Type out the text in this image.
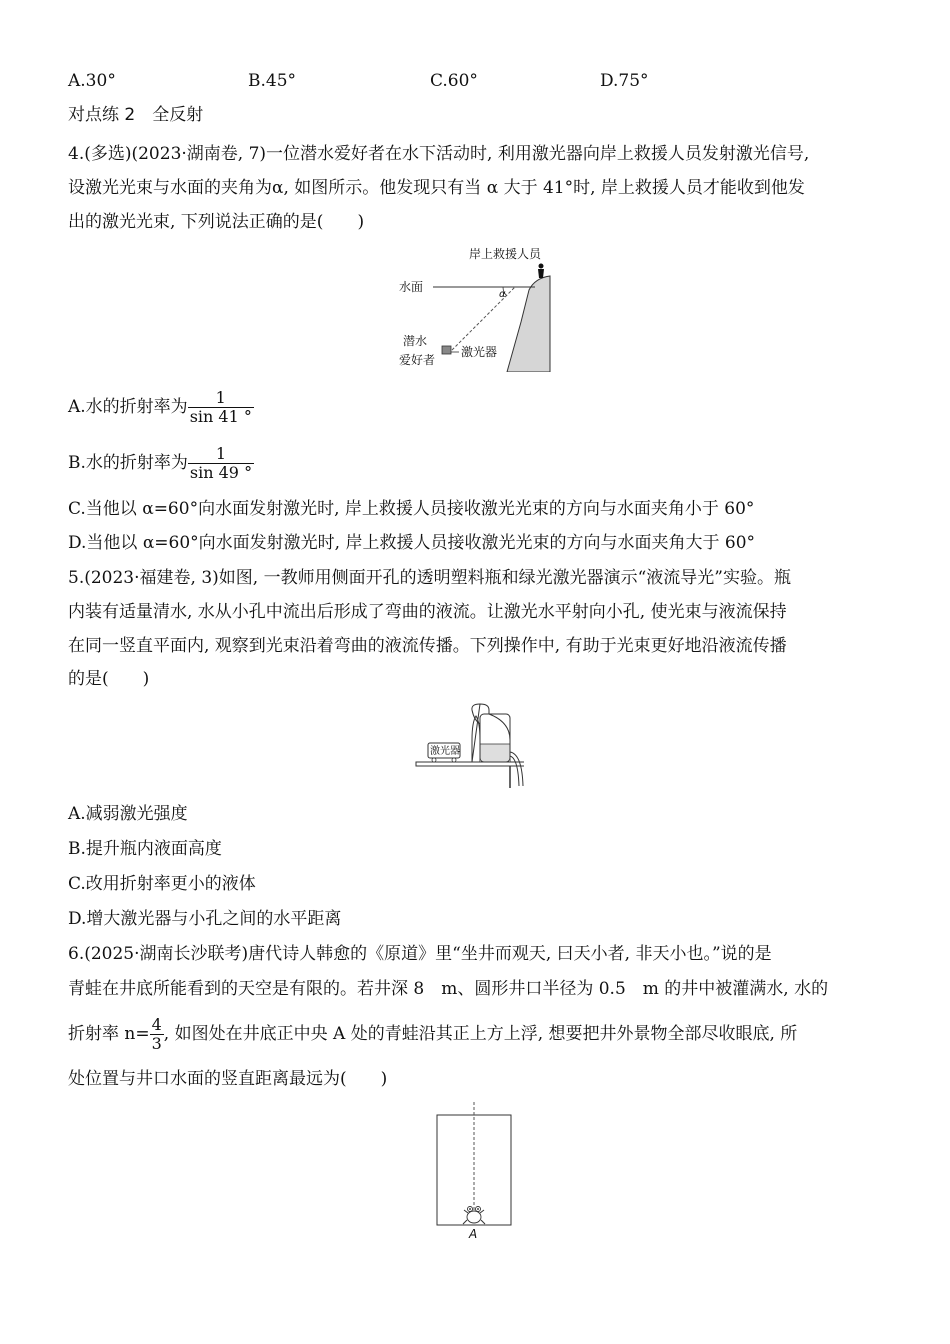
A.30°	B.45°	C.60°	D.75°
对点练 2　全反射
4.(多选)(2023·湖南卷, 7)一位潜水爱好者在水下活动时, 利用激光器向岸上救援人员发射激光信号,
设激光光束与水面的夹角为α, 如图所示。他发现只有当 α 大于 41°时, 岸上救援人员才能收到他发
出的激光光束, 下列说法正确的是(　　)
α
水面
岸上救援人员
激光器
潜水
爱好者
A.水的折射率为 $\frac{1}{\sin 41 ^\circ}$
B.水的折射率为 $\frac{1}{\sin 49 ^\circ}$
C.当他以 α=60°向水面发射激光时, 岸上救援人员接收激光光束的方向与水面夹角小于 60°
D.当他以 α=60°向水面发射激光时, 岸上救援人员接收激光光束的方向与水面夹角大于 60°
5.(2023·福建卷, 3)如图, 一教师用侧面开孔的透明塑料瓶和绿光激光器演示“液流导光”实验。瓶
内装有适量清水, 水从小孔中流出后形成了弯曲的液流。让激光水平射向小孔, 使光束与液流保持
在同一竖直平面内, 观察到光束沿着弯曲的液流传播。下列操作中, 有助于光束更好地沿液流传播
的是(　　)
激光器
A.减弱激光强度
B.提升瓶内液面高度
C.改用折射率更小的液体
D.增大激光器与小孔之间的水平距离
6.(2025·湖南长沙联考)唐代诗人韩愈的《原道》里“坐井而观天, 曰天小者, 非天小也。”说的是
青蛙在井底所能看到的天空是有限的。若井深 8　m、圆形井口半径为 0.5　m 的井中被灌满水, 水的
折射率 $n= \frac{4}{3}$ , 如图处在井底正中央 A 处的青蛙沿其正上方上浮, 想要把井外景物全部尽收眼底, 所
处位置与井口水面的竖直距离最远为(　　)
A
